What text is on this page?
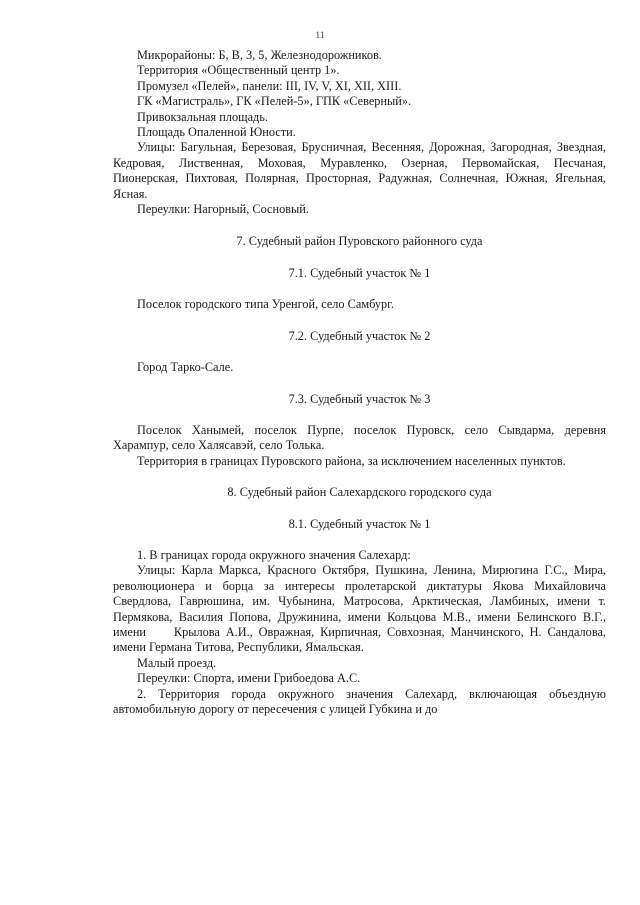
11

Микрорайоны: Б, В, 3, 5, Железнодорожников.

Территория «Общественный центр 1».

Промузел «Пелей», панели: III, IV, V, XI, XII, XIII.

ГК «Магистраль», ГК «Пелей-5», ГПК «Северный».

Привокзальная площадь.

Площадь Опаленной Юности.

Улицы: Багульная, Березовая, Брусничная, Весенняя, Дорожная, Загородная, Звездная, Кедровая, Лиственная, Моховая, Муравленко, Озерная, Первомайская, Песчаная, Пионерская, Пихтовая, Полярная, Просторная, Радужная, Солнечная, Южная, Ягельная, Ясная.

Переулки: Нагорный, Сосновый.

7. Судебный район Пуровского районного суда

7.1. Судебный участок № 1

Поселок городского типа Уренгой, село Самбург.

7.2. Судебный участок № 2

Город Тарко-Сале.

7.3. Судебный участок № 3

Поселок Ханымей, поселок Пурпе, поселок Пуровск, село Сывдарма, деревня Харампур, село Халясавэй, село Толька.

Территория в границах Пуровского района, за исключением населенных пунктов.

8. Судебный район Салехардского городского суда

8.1. Судебный участок № 1

1. В границах города окружного значения Салехард:

Улицы: Карла Маркса, Красного Октября, Пушкина, Ленина, Мирюгина Г.С., Мира, революционера и борца за интересы пролетарской диктатуры Якова Михайловича Свердлова, Гаврюшина, им. Чубынина, Матросова, Арктическая, Ламбиных, имени т. Пермякова, Василия Попова, Дружинина, имени Кольцова М.В., имени Белинского В.Г., имени Крылова А.И., Овражная, Кирпичная, Совхозная, Манчинского, Н. Сандалова, имени Германа Титова, Республики, Ямальская.

Малый проезд.

Переулки: Спорта, имени Грибоедова А.С.

2. Территория города окружного значения Салехард, включающая объездную автомобильную дорогу от пересечения с улицей Губкина и до
